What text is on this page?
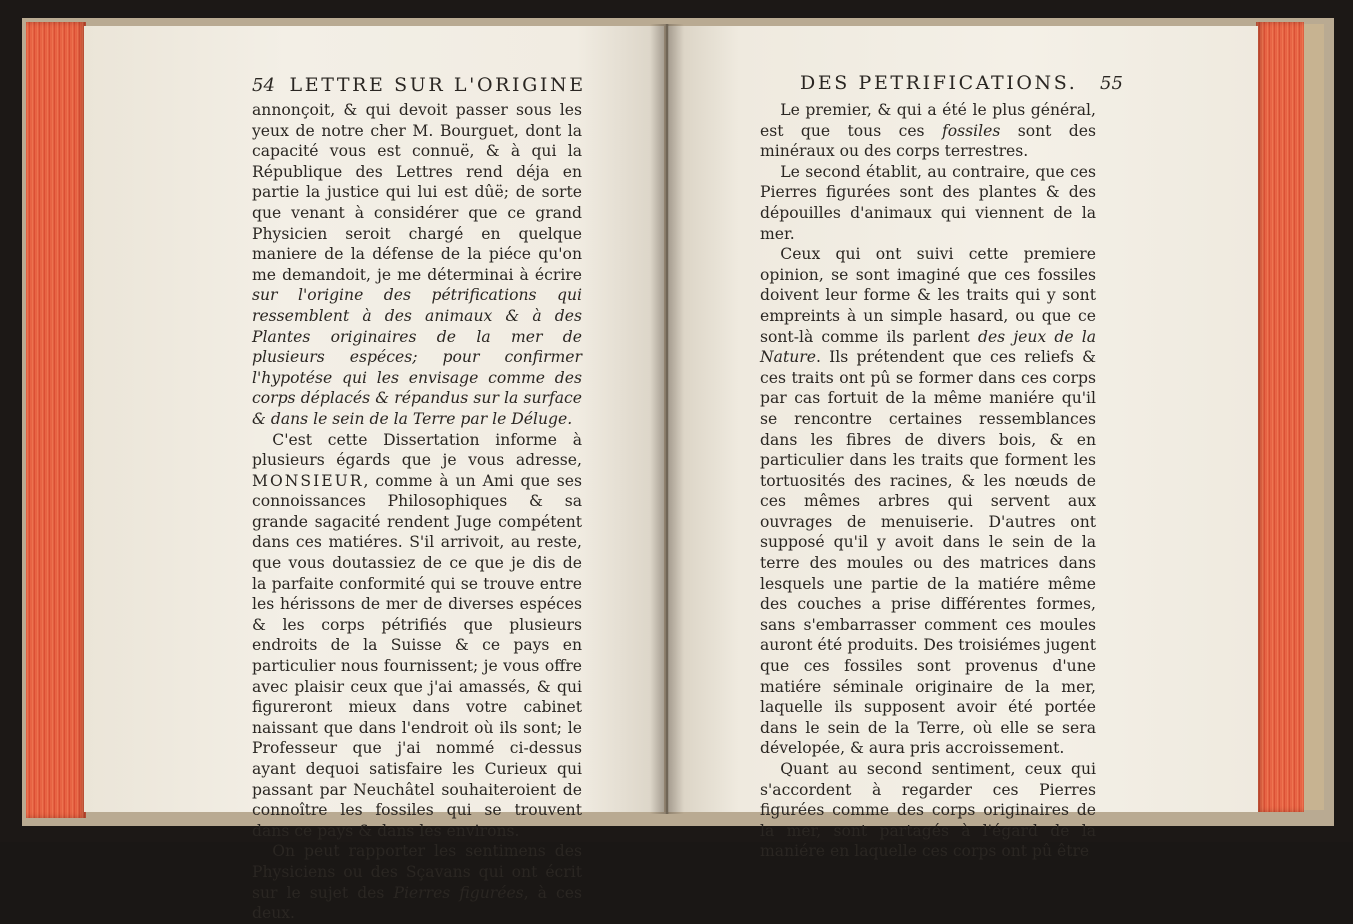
54 LETTRE SUR L'ORIGINE

annonçoit, & qui devoit passer sous les yeux de notre cher M. Bourguet, dont la capacité vous est connuë, & à qui la République des Lettres rend déja en partie la justice qui lui est dûë; de sorte que venant à considérer que ce grand Physicien seroit chargé en quelque maniere de la défense de la piéce qu'on me demandoit, je me déterminai à écrire sur l'origine des pétrifications qui ressemblent à des animaux & à des Plantes originaires de la mer de plusieurs espéces; pour confirmer l'hypotése qui les envisage comme des corps déplacés & répandus sur la surface & dans le sein de la Terre par le Déluge.

C'est cette Dissertation informe à plusieurs égards que je vous adresse, MONSIEUR, comme à un Ami que ses connoissances Philosophiques & sa grande sagacité rendent Juge compétent dans ces matiéres. S'il arrivoit, au reste, que vous doutassiez de ce que je dis de la parfaite conformité qui se trouve entre les hérissons de mer de diverses espéces & les corps pétrifiés que plusieurs endroits de la Suisse & ce pays en particulier nous fournissent; je vous offre avec plaisir ceux que j'ai amassés, & qui figureront mieux dans votre cabinet naissant que dans l'endroit où ils sont; le Professeur que j'ai nommé ci-dessus ayant dequoi satisfaire les Curieux qui passant par Neuchâtel souhaiteroient de connoître les fossiles qui se trouvent dans ce pays & dans les environs.

On peut rapporter les sentimens des Physiciens ou des Sçavans qui ont écrit sur le sujet des Pierres figurées, à ces deux.

DES PETRIFICATIONS. 55

Le premier, & qui a été le plus général, est que tous ces fossiles sont des minéraux ou des corps terrestres.

Le second établit, au contraire, que ces Pierres figurées sont des plantes & des dépouilles d'animaux qui viennent de la mer.

Ceux qui ont suivi cette premiere opinion, se sont imaginé que ces fossiles doivent leur forme & les traits qui y sont empreints à un simple hasard, ou que ce sont-là comme ils parlent des jeux de la Nature. Ils prétendent que ces reliefs & ces traits ont pû se former dans ces corps par cas fortuit de la même maniére qu'il se rencontre certaines ressemblances dans les fibres de divers bois, & en particulier dans les traits que forment les tortuosités des racines, & les nœuds de ces mêmes arbres qui servent aux ouvrages de menuiserie. D'autres ont supposé qu'il y avoit dans le sein de la terre des moules ou des matrices dans lesquels une partie de la matiére même des couches a prise différentes formes, sans s'embarrasser comment ces moules auront été produits. Des troisiémes jugent que ces fossiles sont provenus d'une matiére séminale originaire de la mer, laquelle ils supposent avoir été portée dans le sein de la Terre, où elle se sera dévelopée, & aura pris accroissement.

Quant au second sentiment, ceux qui s'accordent à regarder ces Pierres figurées comme des corps originaires de la mer, sont partagés à l'égard de la maniére en laquelle ces corps ont pû être
